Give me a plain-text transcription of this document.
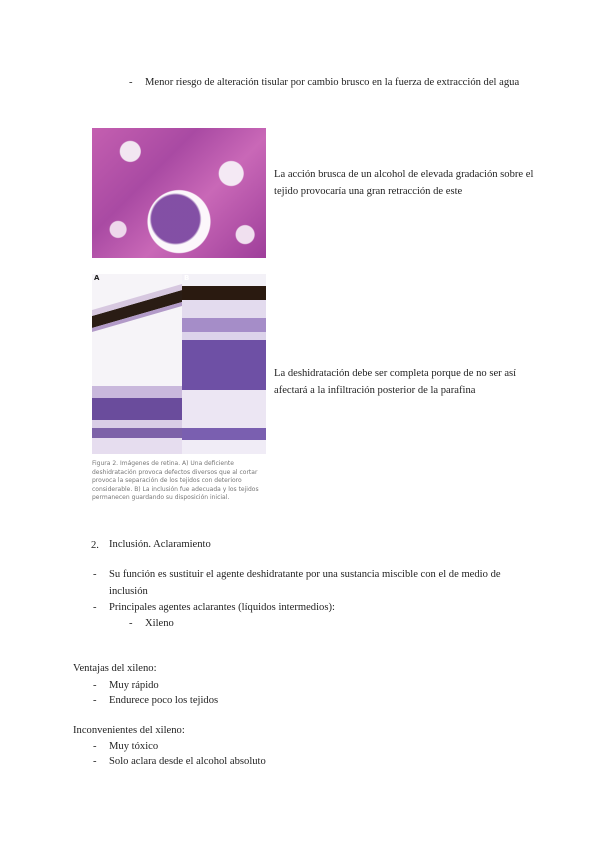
- Menor riesgo de alteración tisular por cambio brusco en la fuerza de extracción del agua
La acción brusca de un alcohol de elevada gradación sobre el tejido provocaría una gran retracción de este
A	B
Figura 2. Imágenes de retina. A) Una deficiente deshidratación provoca defectos diversos que al cortar provoca la separación de los tejidos con deterioro considerable. B) La inclusión fue adecuada y los tejidos permanecen guardando su disposición inicial.
La deshidratación debe ser completa porque de no ser así afectará a la infiltración posterior de la parafina
2. Inclusión. Aclaramiento
- Su función es sustituir el agente deshidratante por una sustancia miscible con el de medio de inclusión
- Principales agentes aclarantes (líquidos intermedios):
- Xileno
Ventajas del xileno:
- Muy rápido
- Endurece poco los tejidos
Inconvenientes del xileno:
- Muy tóxico
- Solo aclara desde el alcohol absoluto
